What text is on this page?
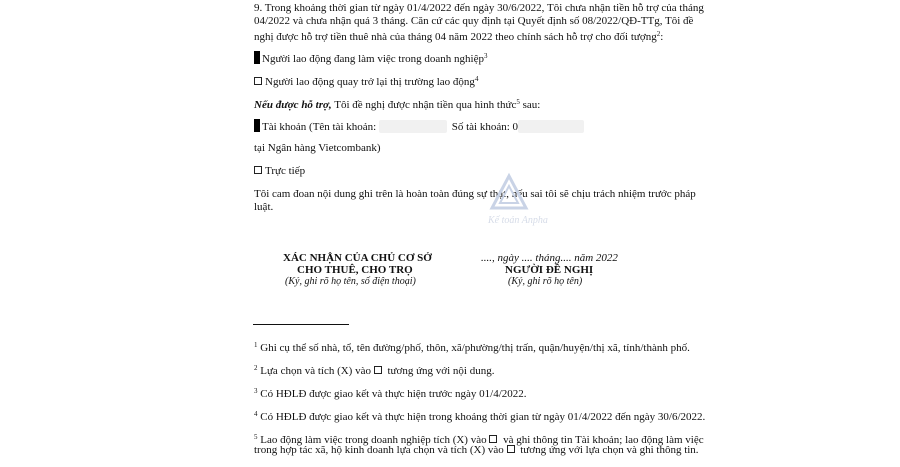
9. Trong khoảng thời gian từ ngày 01/4/2022 đến ngày 30/6/2022, Tôi chưa nhận tiền hỗ trợ của tháng
04/2022 và chưa nhận quá 3 tháng. Căn cứ các quy định tại Quyết định số 08/2022/QĐ-TTg, Tôi đề
nghị được hỗ trợ tiền thuê nhà của tháng 04 năm 2022 theo chính sách hỗ trợ cho đối tượng$^2$:
Người lao động đang làm việc trong doanh nghiệp$^3$
Người lao động quay trở lại thị trường lao động$^4$
Nếu được hỗ trợ, Tôi đề nghị được nhận tiền qua hình thức$^5$ sau:
Tài khoản (Tên tài khoản:	Số tài khoản: 0
tại Ngân hàng Vietcombank)
Trực tiếp
Tôi cam đoan nội dung ghi trên là hoàn toàn đúng sự thật, nếu sai tôi sẽ chịu trách nhiệm trước pháp
luật.
Kế toán Anpha
XÁC NHẬN CỦA CHỦ CƠ SỞ
CHO THUÊ, CHO TRỌ
(Ký, ghi rõ họ tên, số điện thoại)
...., ngày .... tháng.... năm 2022
NGƯỜI ĐỀ NGHỊ
(Ký, ghi rõ họ tên)
$^1$ Ghi cụ thể số nhà, tổ, tên đường/phố, thôn, xã/phường/thị trấn, quận/huyện/thị xã, tỉnh/thành phố.
$^2$ Lựa chọn và tích (X) vào  tương ứng với nội dung.
$^3$ Có HĐLĐ được giao kết và thực hiện trước ngày 01/4/2022.
$^4$ Có HĐLĐ được giao kết và thực hiện trong khoảng thời gian từ ngày 01/4/2022 đến ngày 30/6/2022.
$^5$ Lao động làm việc trong doanh nghiệp tích (X) vào  và ghi thông tin Tài khoản; lao động làm việc
trong hợp tác xã, hộ kinh doanh lựa chọn và tích (X) vào  tương ứng với lựa chọn và ghi thông tin.
